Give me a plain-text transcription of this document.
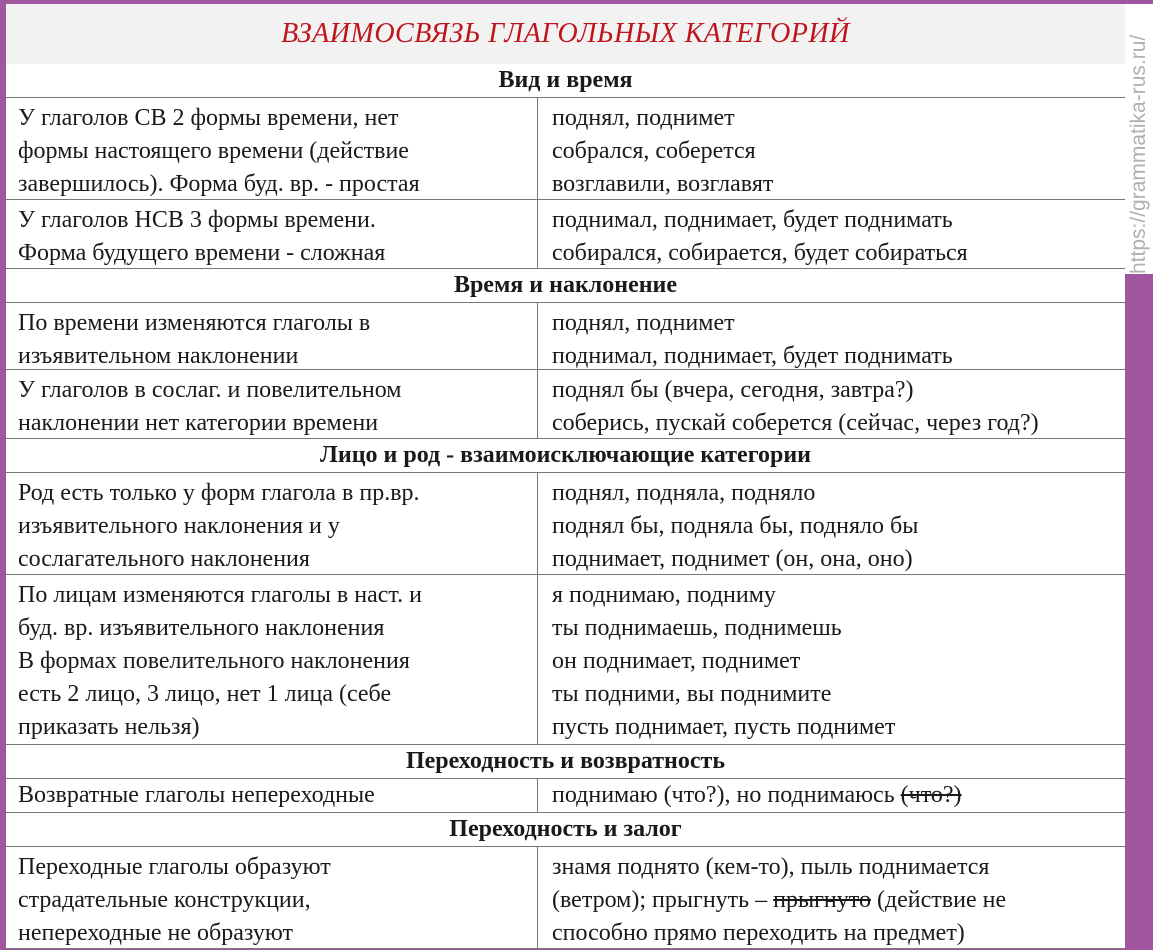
ВЗАИМОСВЯЗЬ ГЛАГОЛЬНЫХ КАТЕГОРИЙ
https://grammatika-rus.ru/
Вид и время
У глаголов СВ 2 формы времени, нет
формы настоящего времени (действие
завершилось). Форма буд. вр. - простая
поднял, поднимет
собрался, соберется
возглавили, возглавят
У глаголов НСВ 3 формы времени.
Форма будущего времени - сложная
поднимал, поднимает, будет поднимать
собирался, собирается, будет собираться
Время и наклонение
По времени изменяются глаголы в
изъявительном наклонении
поднял, поднимет
поднимал, поднимает, будет поднимать
У глаголов в сослаг. и повелительном
наклонении нет категории времени
поднял бы (вчера, сегодня, завтра?)
соберись, пускай соберется (сейчас, через год?)
Лицо и род - взаимоисключающие категории
Род есть только у форм глагола в пр.вр.
изъявительного наклонения и у
сослагательного наклонения
поднял, подняла, подняло
поднял бы, подняла бы, подняло бы
поднимает, поднимет (он, она, оно)
По лицам изменяются глаголы в наст. и
буд. вр. изъявительного наклонения
В формах повелительного наклонения
есть 2 лицо, 3 лицо, нет 1 лица (себе
приказать нельзя)
я поднимаю, подниму
ты поднимаешь, поднимешь
он поднимает, поднимет
ты подними, вы поднимите
пусть поднимает, пусть поднимет
Переходность и возвратность
Возвратные глаголы непереходные	поднимаю (что?), но поднимаюсь (что?)
Переходность и залог
Переходные глаголы образуют
страдательные конструкции,
непереходные не образуют
знамя поднято (кем-то), пыль поднимается
(ветром); прыгнуть – прыгнуто (действие не
способно прямо переходить на предмет)
